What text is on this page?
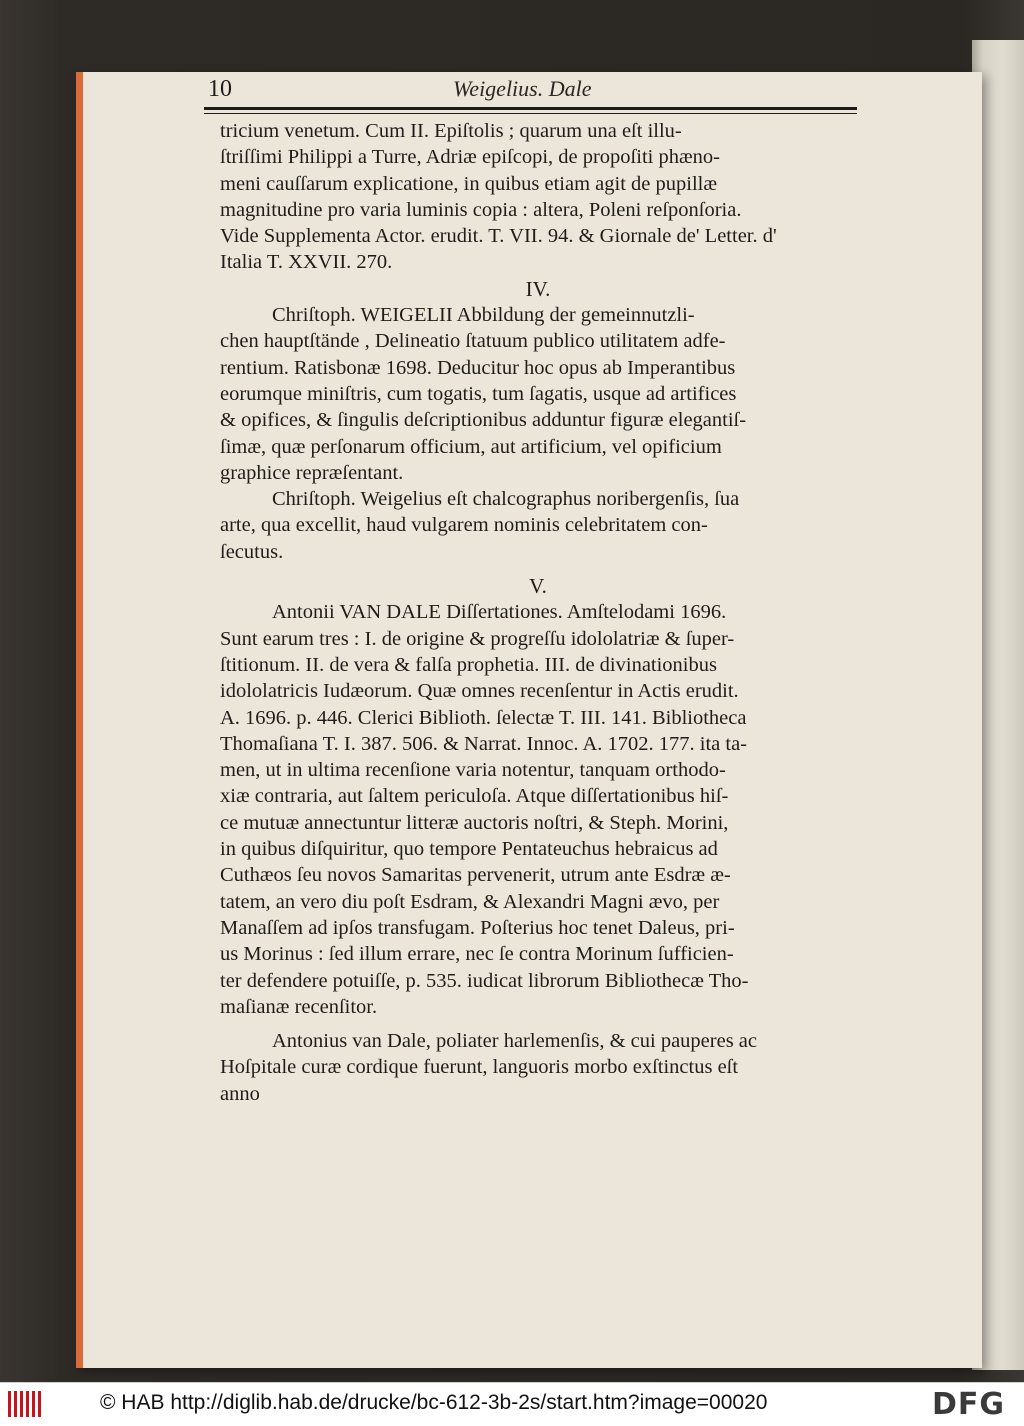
10	Weigelius. Dale

tricium venetum. Cum II. Epiſtolis ; quarum una eſt illu-
ſtriſſimi Philippi a Turre, Adriæ epiſcopi, de propoſiti phæno-
meni cauſſarum explicatione, in quibus etiam agit de pupillæ
magnitudine pro varia luminis copia : altera, Poleni reſponſoria.
Vide Supplementa Actor. erudit. T. VII. 94. & Giornale de' Letter. d'
Italia T. XXVII. 270.

IV.

Chriſtoph. WEIGELII Abbildung der gemeinnutzli-
chen hauptſtände , Delineatio ſtatuum publico utilitatem adfe-
rentium. Ratisbonæ 1698. Deducitur hoc opus ab Imperantibus
eorumque miniſtris, cum togatis, tum ſagatis, usque ad artifices
& opifices, & ſingulis deſcriptionibus adduntur figuræ elegantiſ-
ſimæ, quæ perſonarum officium, aut artificium, vel opificium
graphice repræſentant.

Chriſtoph. Weigelius eſt chalcographus noribergenſis, ſua
arte, qua excellit, haud vulgarem nominis celebritatem con-
ſecutus.

V.

Antonii VAN DALE Diſſertationes. Amſtelodami 1696.
Sunt earum tres : I. de origine & progreſſu idololatriæ & ſuper-
ſtitionum. II. de vera & falſa prophetia. III. de divinationibus
idololatricis Iudæorum. Quæ omnes recenſentur in Actis erudit.
A. 1696. p. 446. Clerici Biblioth. ſelectæ T. III. 141. Bibliotheca
Thomaſiana T. I. 387. 506. & Narrat. Innoc. A. 1702. 177. ita ta-
men, ut in ultima recenſione varia notentur, tanquam orthodo-
xiæ contraria, aut ſaltem periculoſa. Atque diſſertationibus hiſ-
ce mutuæ annectuntur litteræ auctoris noſtri, & Steph. Morini,
in quibus diſquiritur, quo tempore Pentateuchus hebraicus ad
Cuthæos ſeu novos Samaritas pervenerit, utrum ante Esdræ æ-
tatem, an vero diu poſt Esdram, & Alexandri Magni ævo, per
Manaſſem ad ipſos transfugam. Poſterius hoc tenet Daleus, pri-
us Morinus : ſed illum errare, nec ſe contra Morinum ſufficien-
ter defendere potuiſſe, p. 535. iudicat librorum Bibliothecæ Tho-
maſianæ recenſitor.

Antonius van Dale, poliater harlemenſis, & cui pauperes ac
Hoſpitale curæ cordique fuerunt, languoris morbo exſtinctus eſt

anno

© HAB http://diglib.hab.de/drucke/bc-612-3b-2s/start.htm?image=00020	DFG
